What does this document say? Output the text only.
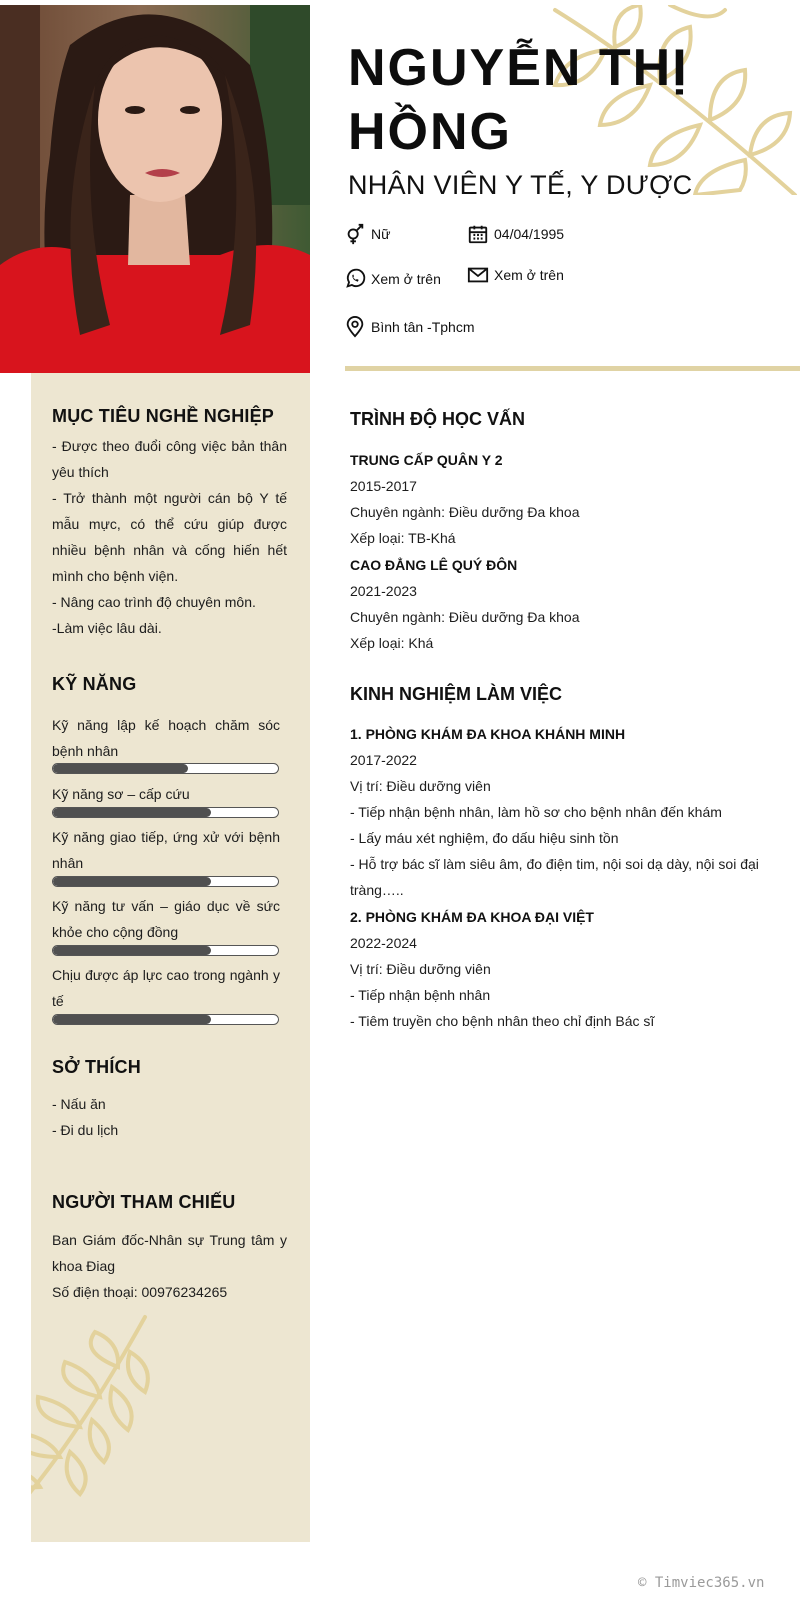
MỤC TIÊU NGHỀ NGHIỆP
- Được theo đuổi công việc bản thân yêu thích
- Trở thành một người cán bộ Y tế mẫu mực, có thể cứu giúp được nhiều bệnh nhân và cống hiến hết mình cho bệnh viện.
- Nâng cao trình độ chuyên môn.
-Làm việc lâu dài.
KỸ NĂNG
Kỹ năng lập kế hoạch chăm sóc bệnh nhân
Kỹ năng sơ – cấp cứu
Kỹ năng giao tiếp, ứng xử với bệnh nhân
Kỹ năng tư vấn – giáo dục về sức khỏe cho cộng đồng
Chịu được áp lực cao trong ngành y tế
SỞ THÍCH
- Nấu ăn
- Đi du lịch
NGƯỜI THAM CHIẾU
Ban Giám đốc-Nhân sự Trung tâm y khoa Điag
Số điện thoại: 00976234265
NGUYỄN THỊ HỒNG
NHÂN VIÊN Y TẾ, Y DƯỢC
Nữ	04/04/1995
Xem ở trên	Xem ở trên
Bình tân -Tphcm
TRÌNH ĐỘ HỌC VẤN
TRUNG CẤP QUÂN Y 2
2015-2017
Chuyên ngành: Điều dưỡng Đa khoa
Xếp loại: TB-Khá
CAO ĐẲNG LÊ QUÝ ĐÔN
2021-2023
Chuyên ngành: Điều dưỡng Đa khoa
Xếp loại: Khá
KINH NGHIỆM LÀM VIỆC
1. PHÒNG KHÁM ĐA KHOA KHÁNH MINH
2017-2022
Vị trí: Điều dưỡng viên
- Tiếp nhận bệnh nhân, làm hồ sơ cho bệnh nhân đến khám
- Lấy máu xét nghiệm, đo dấu hiệu sinh tồn
- Hỗ trợ bác sĩ làm siêu âm, đo điện tim, nội soi dạ dày, nội soi đại tràng…..
2. PHÒNG KHÁM ĐA KHOA ĐẠI VIỆT
2022-2024
Vị trí: Điều dưỡng viên
- Tiếp nhận bệnh nhân
- Tiêm truyền cho bệnh nhân theo chỉ định Bác sĩ
© Timviec365.vn
